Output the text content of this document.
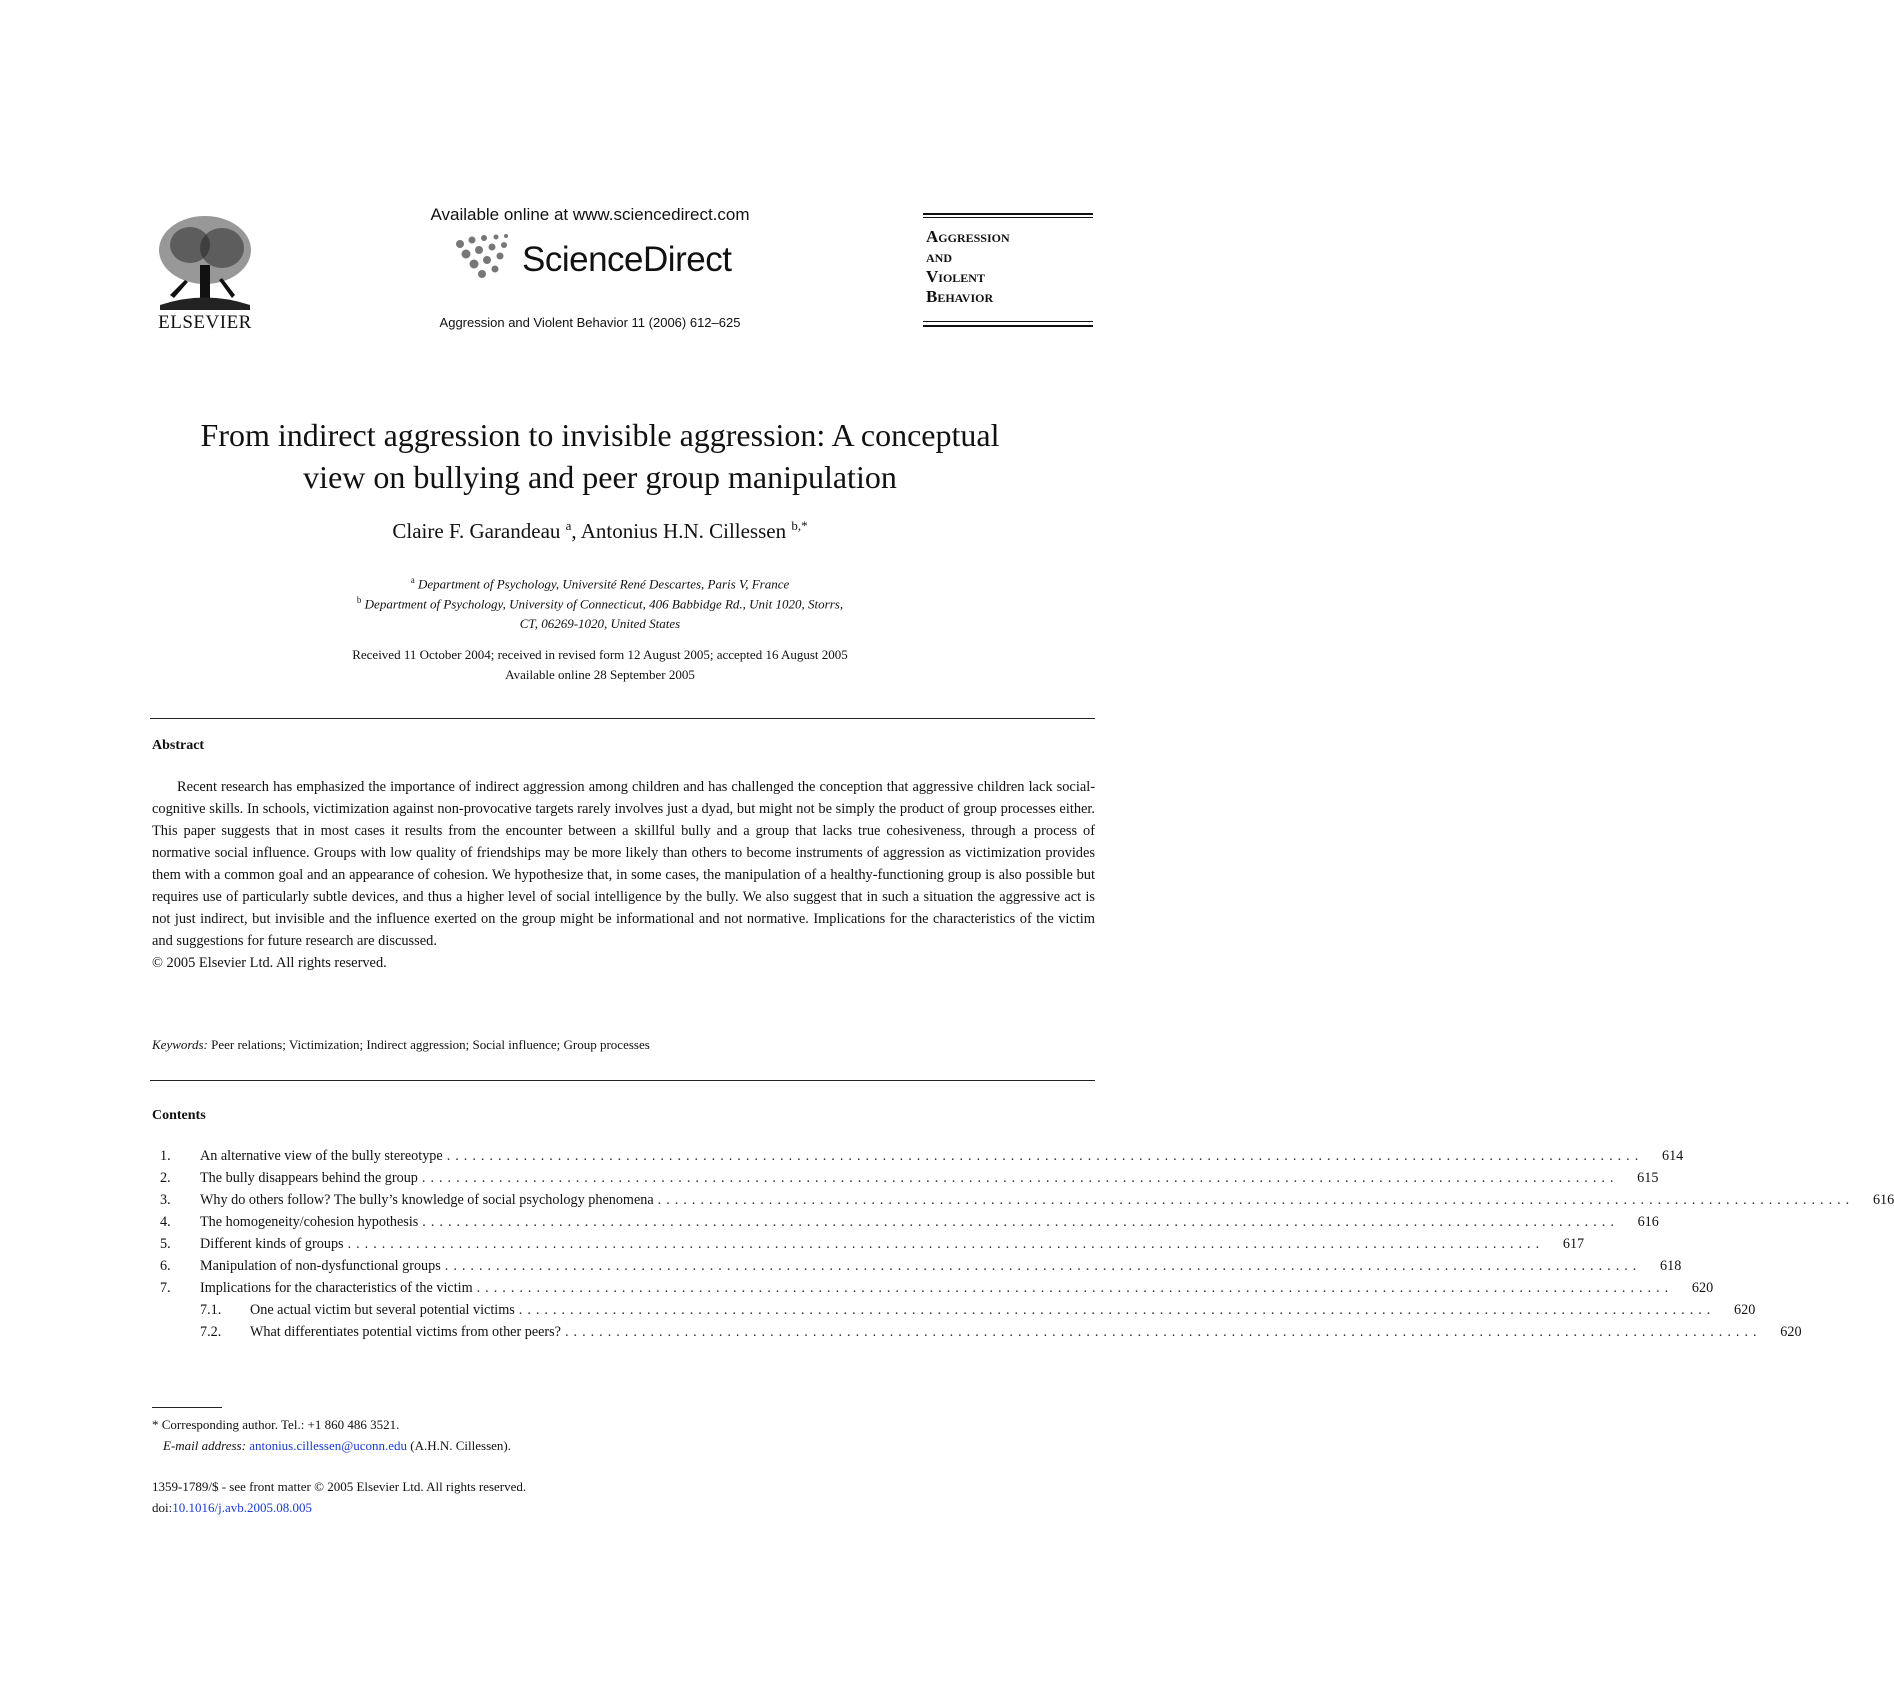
ELSEVIER
Available online at www.sciencedirect.com
ScienceDirect
Aggression and Violent Behavior 11 (2006) 612–625
Aggression
and
Violent
Behavior
From indirect aggression to invisible aggression: A conceptual
view on bullying and peer group manipulation
Claire F. Garandeau $^a$, Antonius H.N. Cillessen $^{b,*}$
$^a$ Department of Psychology, Université René Descartes, Paris V, France
$^b$ Department of Psychology, University of Connecticut, 406 Babbidge Rd., Unit 1020, Storrs,
CT, 06269-1020, United States
Received 11 October 2004; received in revised form 12 August 2005; accepted 16 August 2005
Available online 28 September 2005
Abstract

Recent research has emphasized the importance of indirect aggression among children and has challenged the conception that aggressive children lack social-cognitive skills. In schools, victimization against non-provocative targets rarely involves just a dyad, but might not be simply the product of group processes either. This paper suggests that in most cases it results from the encounter between a skillful bully and a group that lacks true cohesiveness, through a process of normative social influence. Groups with low quality of friendships may be more likely than others to become instruments of aggression as victimization provides them with a common goal and an appearance of cohesion. We hypothesize that, in some cases, the manipulation of a healthy-functioning group is also possible but requires use of particularly subtle devices, and thus a higher level of social intelligence by the bully. We also suggest that in such a situation the aggressive act is not just indirect, but invisible and the influence exerted on the group might be informational and not normative. Implications for the characteristics of the victim and suggestions for future research are discussed.

© 2005 Elsevier Ltd. All rights reserved.
Keywords: Peer relations; Victimization; Indirect aggression; Social influence; Group processes
Contents
1.	An alternative view of the bully stereotype ............................................................................................................................................	614
2.	The bully disappears behind the group ............................................................................................................................................	615
3.	Why do others follow? The bully’s knowledge of social psychology phenomena ............................................................................................................................................	616
4.	The homogeneity/cohesion hypothesis ............................................................................................................................................	616
5.	Different kinds of groups ............................................................................................................................................	617
6.	Manipulation of non-dysfunctional groups ............................................................................................................................................	618
7.	Implications for the characteristics of the victim ............................................................................................................................................	620
7.1.	One actual victim but several potential victims ............................................................................................................................................	620
7.2.	What differentiates potential victims from other peers? ............................................................................................................................................	620
* Corresponding author. Tel.: +1 860 486 3521.
E-mail address: antonius.cillessen@uconn.edu (A.H.N. Cillessen).
1359-1789/$ - see front matter © 2005 Elsevier Ltd. All rights reserved.
doi:10.1016/j.avb.2005.08.005
